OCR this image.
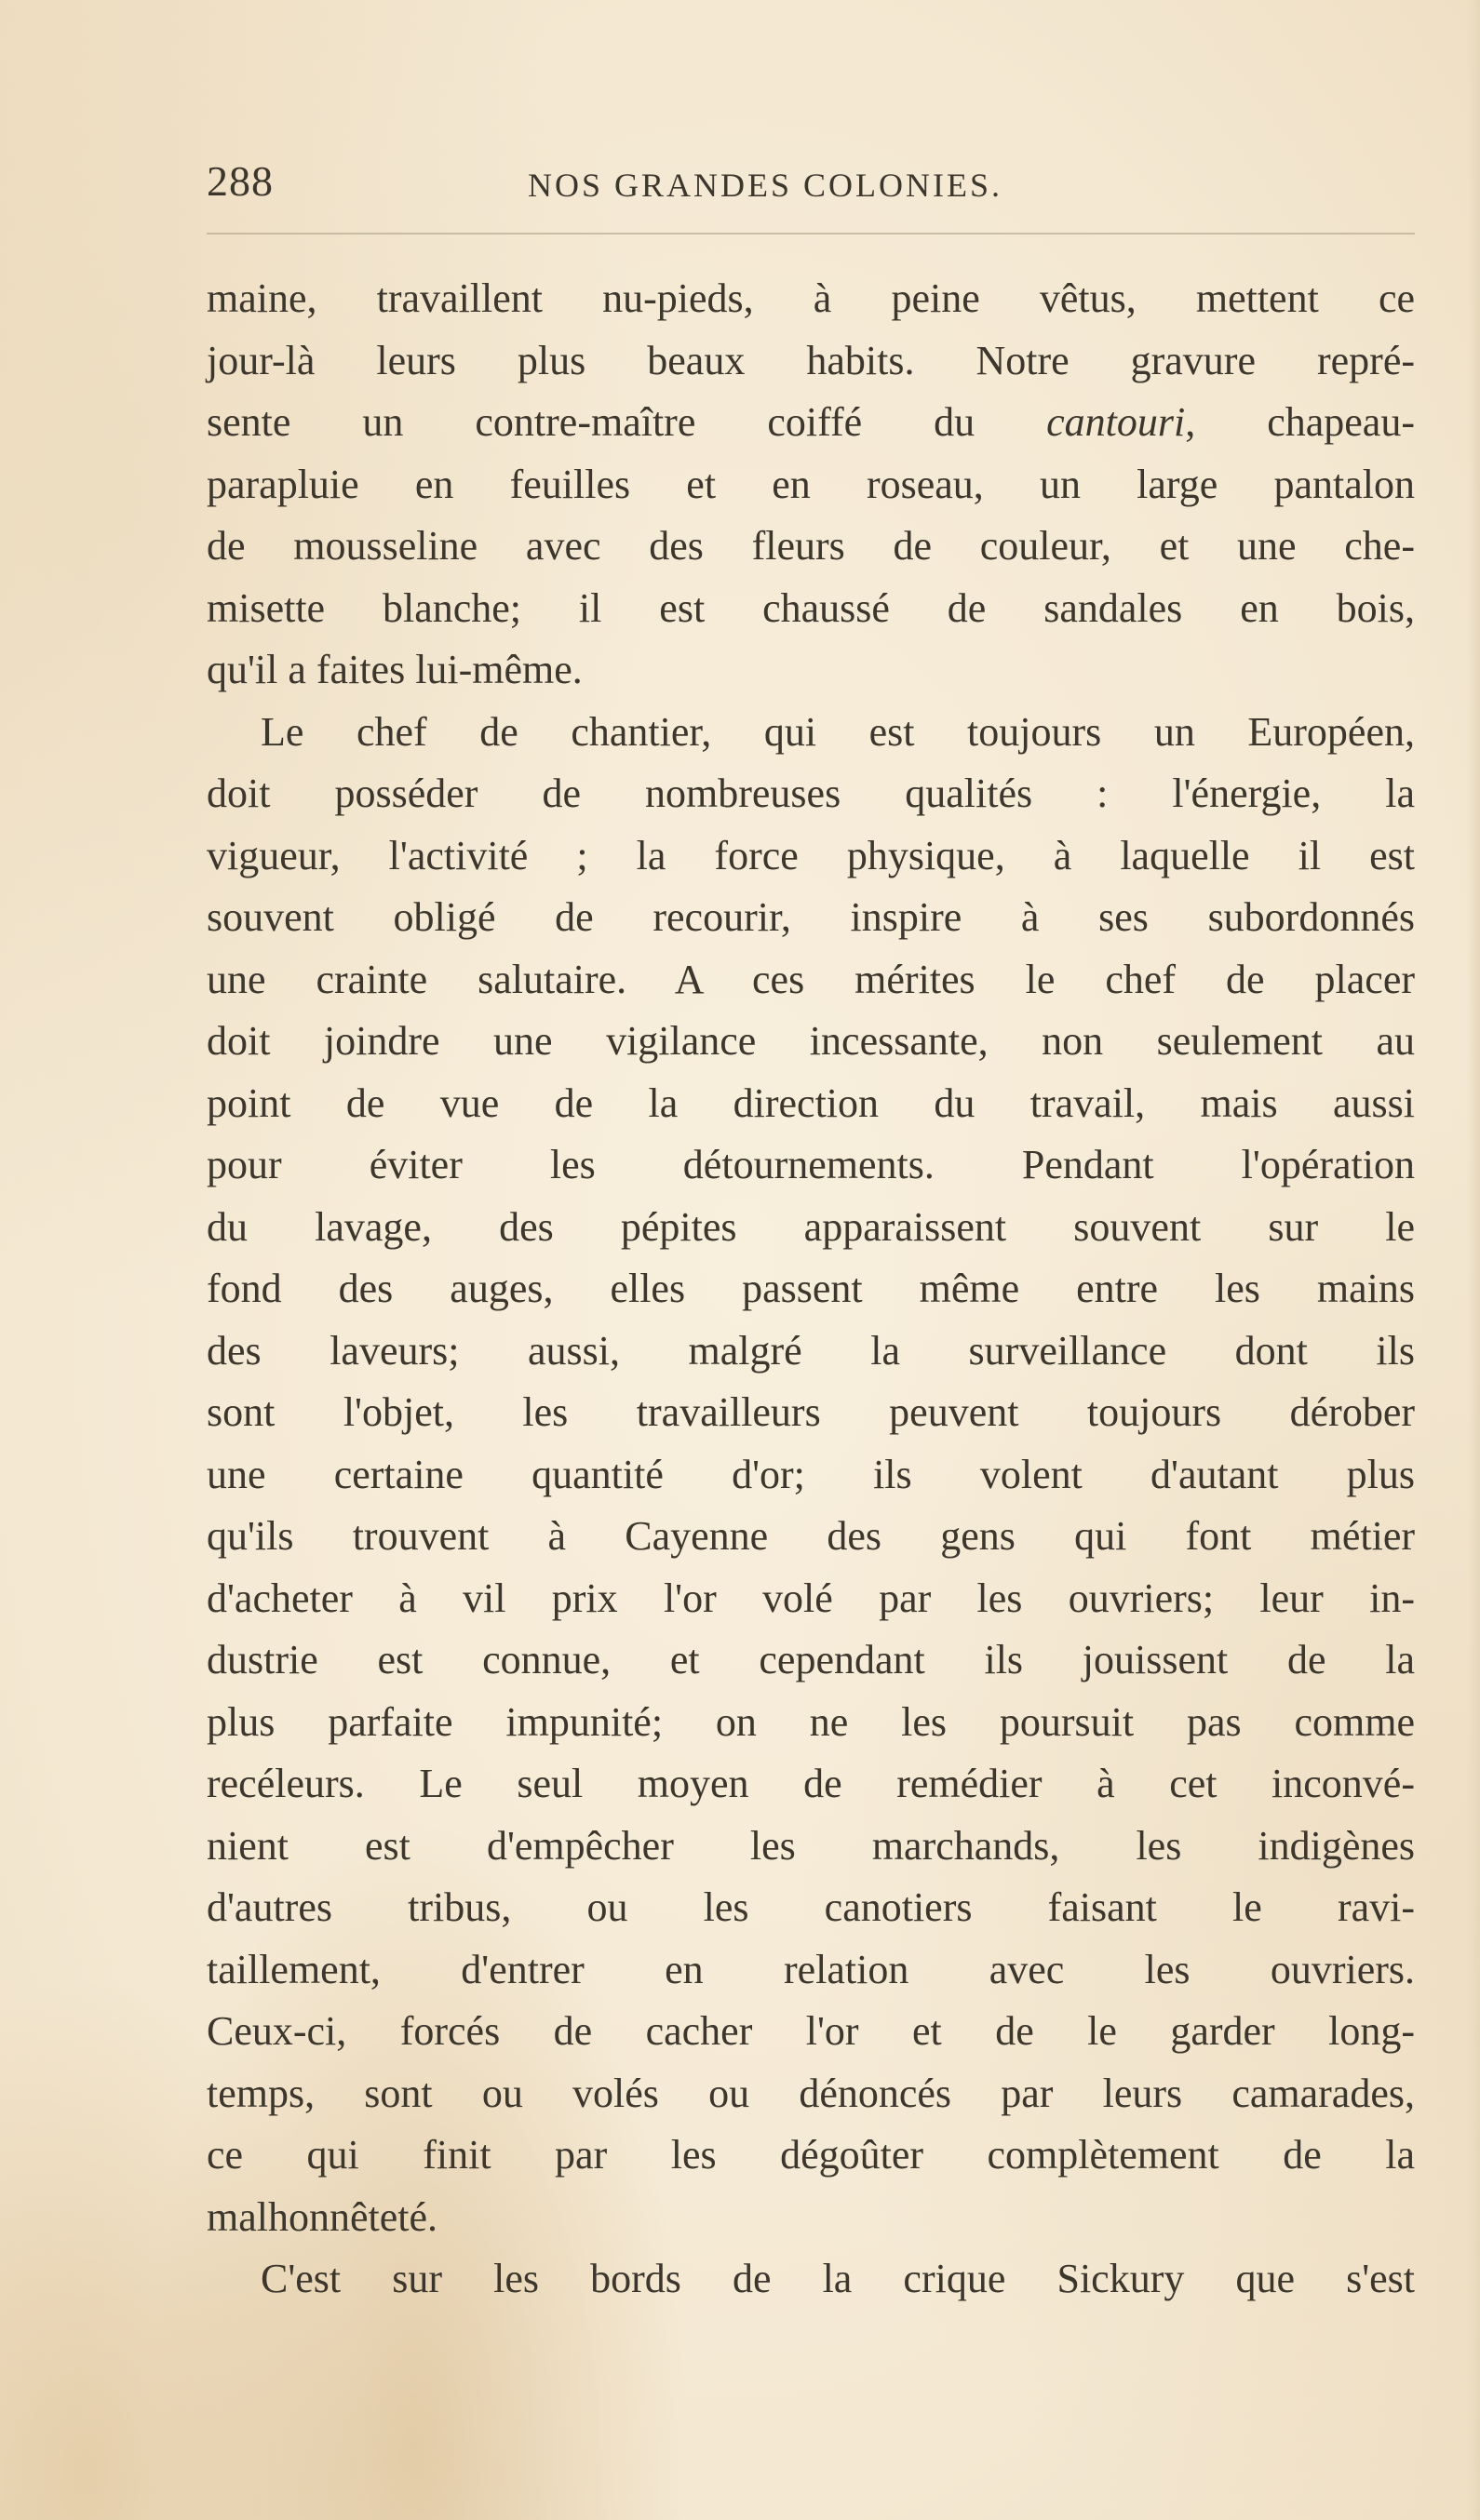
288	NOS GRANDES COLONIES.
maine, travaillent nu-pieds, à peine vêtus, mettent ce
jour-là leurs plus beaux habits. Notre gravure repré-
sente un contre-maître coiffé du cantouri, chapeau-
parapluie en feuilles et en roseau, un large pantalon
de mousseline avec des fleurs de couleur, et une che-
misette blanche; il est chaussé de sandales en bois,
qu'il a faites lui-même.
Le chef de chantier, qui est toujours un Européen,
doit posséder de nombreuses qualités : l'énergie, la
vigueur, l'activité ; la force physique, à laquelle il est
souvent obligé de recourir, inspire à ses subordonnés
une crainte salutaire. A ces mérites le chef de placer
doit joindre une vigilance incessante, non seulement au
point de vue de la direction du travail, mais aussi
pour éviter les détournements. Pendant l'opération
du lavage, des pépites apparaissent souvent sur le
fond des auges, elles passent même entre les mains
des laveurs; aussi, malgré la surveillance dont ils
sont l'objet, les travailleurs peuvent toujours dérober
une certaine quantité d'or; ils volent d'autant plus
qu'ils trouvent à Cayenne des gens qui font métier
d'acheter à vil prix l'or volé par les ouvriers; leur in-
dustrie est connue, et cependant ils jouissent de la
plus parfaite impunité; on ne les poursuit pas comme
recéleurs. Le seul moyen de remédier à cet inconvé-
nient est d'empêcher les marchands, les indigènes
d'autres tribus, ou les canotiers faisant le ravi-
taillement, d'entrer en relation avec les ouvriers.
Ceux-ci, forcés de cacher l'or et de le garder long-
temps, sont ou volés ou dénoncés par leurs camarades,
ce qui finit par les dégoûter complètement de la
malhonnêteté.
C'est sur les bords de la crique Sickury que s'est
